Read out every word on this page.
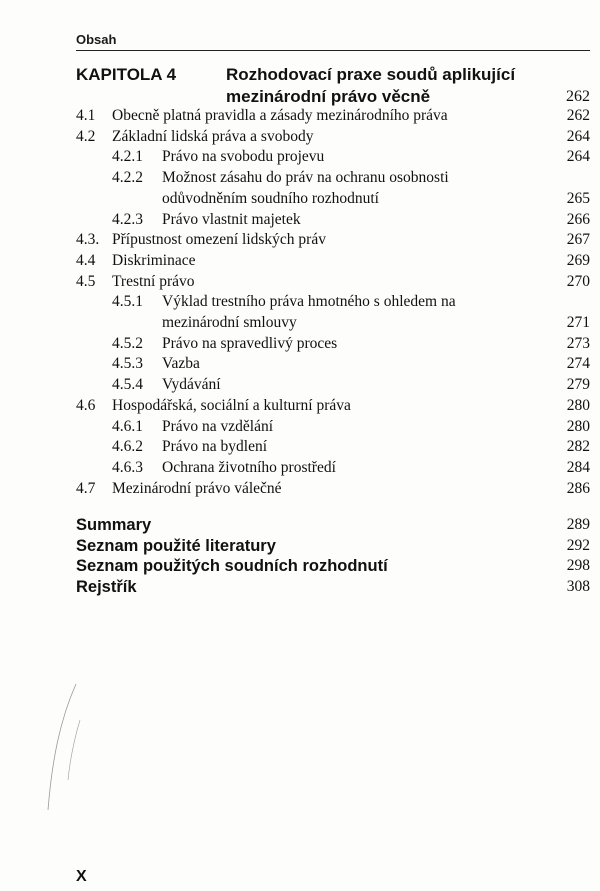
Obsah
KAPITOLA 4	Rozhodovací praxe soudů aplikující mezinárodní právo věcně	262
4.1	Obecně platná pravidla a zásady mezinárodního práva	262
4.2	Základní lidská práva a svobody	264
4.2.1	Právo na svobodu projevu	264
4.2.2	Možnost zásahu do práv na ochranu osobnosti odůvodněním soudního rozhodnutí	265
4.2.3	Právo vlastnit majetek	266
4.3. Přípustnost omezení lidských práv	267
4.4	Diskriminace	269
4.5	Trestní právo	270
4.5.1	Výklad trestního práva hmotného s ohledem na mezinárodní smlouvy	271
4.5.2	Právo na spravedlivý proces	273
4.5.3	Vazba	274
4.5.4	Vydávání	279
4.6	Hospodářská, sociální a kulturní práva	280
4.6.1	Právo na vzdělání	280
4.6.2	Právo na bydlení	282
4.6.3	Ochrana životního prostředí	284
4.7	Mezinárodní právo válečné	286
Summary	289
Seznam použité literatury	292
Seznam použitých soudních rozhodnutí	298
Rejstřík	308
X
